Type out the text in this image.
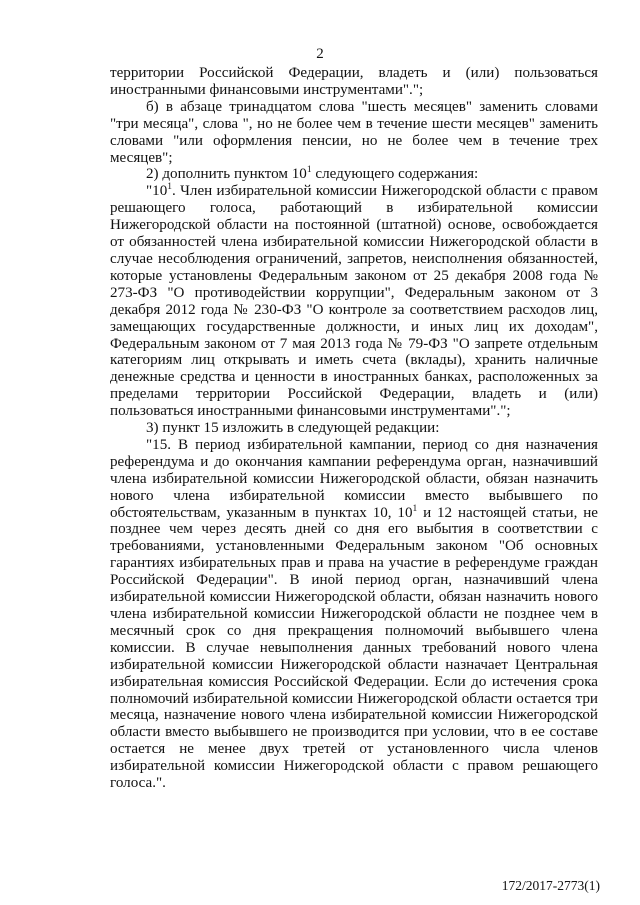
2

территории Российской Федерации, владеть и (или) пользоваться иностранными финансовыми инструментами".";

б) в абзаце тринадцатом слова "шесть месяцев" заменить словами "три месяца", слова ", но не более чем в течение шести месяцев" заменить словами "или оформления пенсии, но не более чем в течение трех месяцев";

2) дополнить пунктом $10^1$ следующего содержания:

"$10^1$. Член избирательной комиссии Нижегородской области с правом решающего голоса, работающий в избирательной комиссии Нижегородской области на постоянной (штатной) основе, освобождается от обязанностей члена избирательной комиссии Нижегородской области в случае несоблюдения ограничений, запретов, неисполнения обязанностей, которые установлены Федеральным законом от 25 декабря 2008 года № 273-ФЗ "О противодействии коррупции", Федеральным законом от 3 декабря 2012 года № 230-ФЗ "О контроле за соответствием расходов лиц, замещающих государственные должности, и иных лиц их доходам", Федеральным законом от 7 мая 2013 года № 79-ФЗ "О запрете отдельным категориям лиц открывать и иметь счета (вклады), хранить наличные денежные средства и ценности в иностранных банках, расположенных за пределами территории Российской Федерации, владеть и (или) пользоваться иностранными финансовыми инструментами".";

3) пункт 15 изложить в следующей редакции:

"15. В период избирательной кампании, период со дня назначения референдума и до окончания кампании референдума орган, назначивший члена избирательной комиссии Нижегородской области, обязан назначить нового члена избирательной комиссии вместо выбывшего по обстоятельствам, указанным в пунктах 10, $10^1$ и 12 настоящей статьи, не позднее чем через десять дней со дня его выбытия в соответствии с требованиями, установленными Федеральным законом "Об основных гарантиях избирательных прав и права на участие в референдуме граждан Российской Федерации". В иной период орган, назначивший члена избирательной комиссии Нижегородской области, обязан назначить нового члена избирательной комиссии Нижегородской области не позднее чем в месячный срок со дня прекращения полномочий выбывшего члена комиссии. В случае невыполнения данных требований нового члена избирательной комиссии Нижегородской области назначает Центральная избирательная комиссия Российской Федерации. Если до истечения срока полномочий избирательной комиссии Нижегородской области остается три месяца, назначение нового члена избирательной комиссии Нижегородской области вместо выбывшего не производится при условии, что в ее составе остается не менее двух третей от установленного числа членов избирательной комиссии Нижегородской области с правом решающего голоса.".

172/2017-2773(1)
